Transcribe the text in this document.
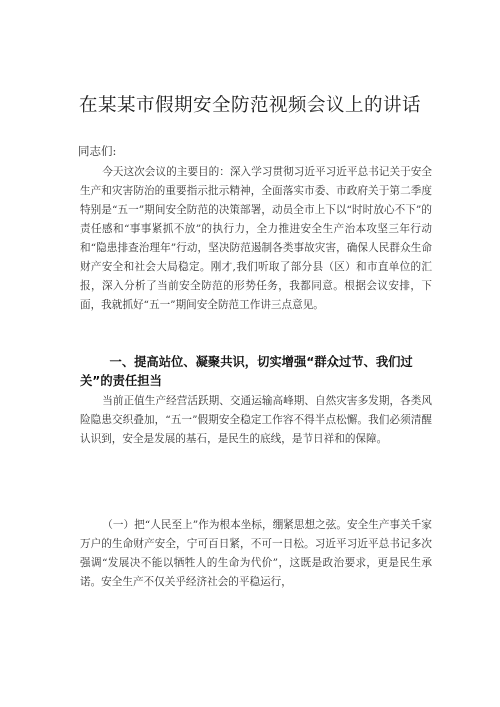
在某某市假期安全防范视频会议上的讲话
同志们:

今天这次会议的主要目的：深入学习贯彻习近平习近平总书记关于安全生产和灾害防治的重要指示批示精神，全面落实市委、市政府关于第二季度特别是“五一”期间安全防范的决策部署，动员全市上下以“时时放心不下”的责任感和“事事紧抓不放”的执行力，全力推进安全生产治本攻坚三年行动和“隐患排查治理年”行动，坚决防范遏制各类事故灾害，确保人民群众生命财产安全和社会大局稳定。刚才,我们听取了部分县（区）和市直单位的汇报，深入分析了当前安全防范的形势任务，我都同意。根据会议安排，下面，我就抓好“五一”期间安全防范工作讲三点意见。

一、提高站位、凝聚共识，切实增强“群众过节、我们过关”的责任担当

当前正值生产经营活跃期、交通运输高峰期、自然灾害多发期，各类风险隐患交织叠加，“五一”假期安全稳定工作容不得半点松懈。我们必须清醒认识到，安全是发展的基石，是民生的底线，是节日祥和的保障。

（一）把“人民至上”作为根本坐标，绷紧思想之弦。安全生产事关千家万户的生命财产安全，宁可百日紧，不可一日松。习近平习近平总书记多次强调“发展决不能以牺牲人的生命为代价”，这既是政治要求，更是民生承诺。安全生产不仅关乎经济社会的平稳运行，
